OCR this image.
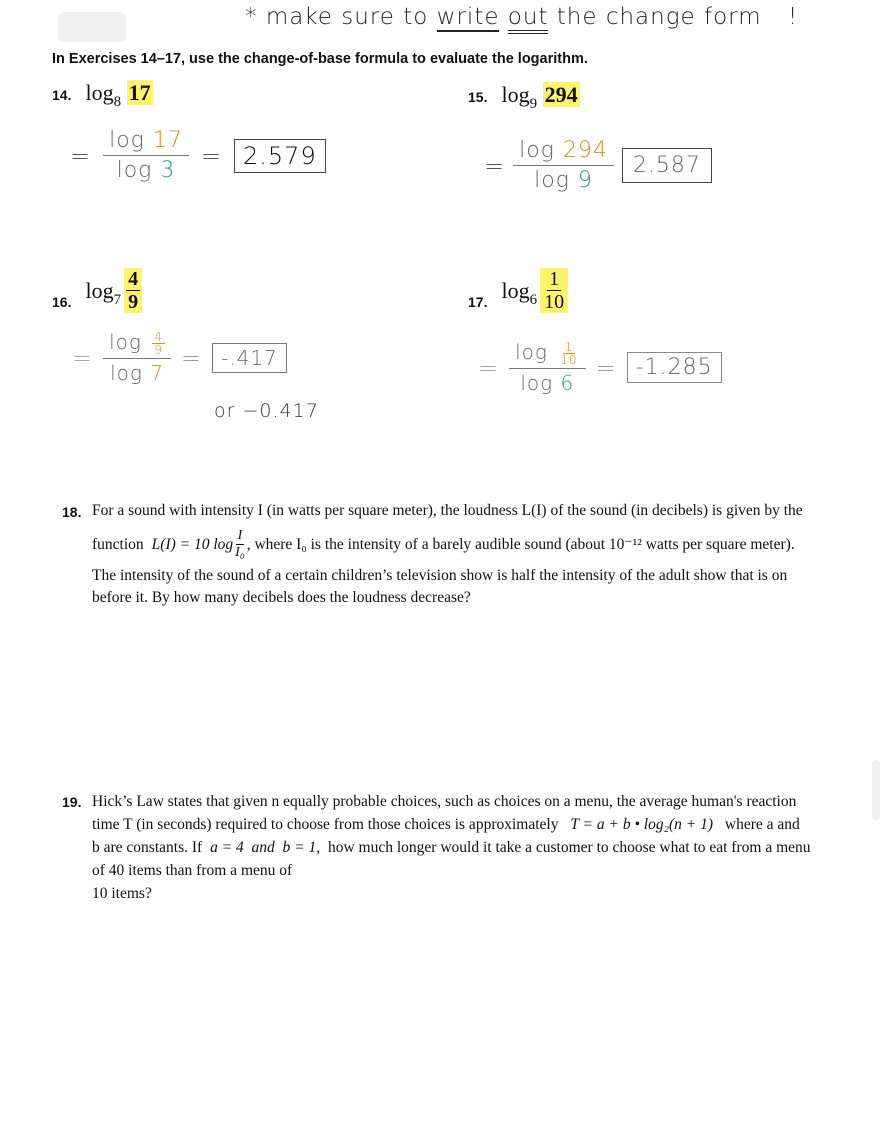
* make sure to write out the change form !
In Exercises 14–17, use the change-of-base formula to evaluate the logarithm.
14. $\log_8 17$
= $\frac{\log 17}{\log 3} = 2.579$
15. $\log_9 294$
= $\frac{\log 294}{\log 9} 2.587$
16. $\log_7 \frac{4}{9}$
= $\frac{\log \frac{4}{9}}{\log 7} = -.417$
or −0.417
17. $\log_6 \frac{1}{10}$
= $\frac{\log \frac{1}{10}}{\log 6} = -1.285$
18. For a sound with intensity I (in watts per square meter), the loudness L(I) of the sound (in decibels) is given by the
function L(I) = 10 $\log \frac{I}{\text{I₀}}$ , where I₀ is the intensity of a barely audible sound (about 10⁻¹² watts per square meter).
The intensity of the sound of a certain children’s television show is half the intensity of the adult show that is on
before it. By how many decibels does the loudness decrease?
19. Hick’s Law states that given n equally probable choices, such as choices on a menu, the average human's reaction
time T (in seconds) required to choose from those choices is approximately T = a + b • log₂(n + 1) where a and
b are constants. If a = 4  and  b = 1, how much longer would it take a customer to choose what to eat from a menu
of 40 items than from a menu of
10 items?
